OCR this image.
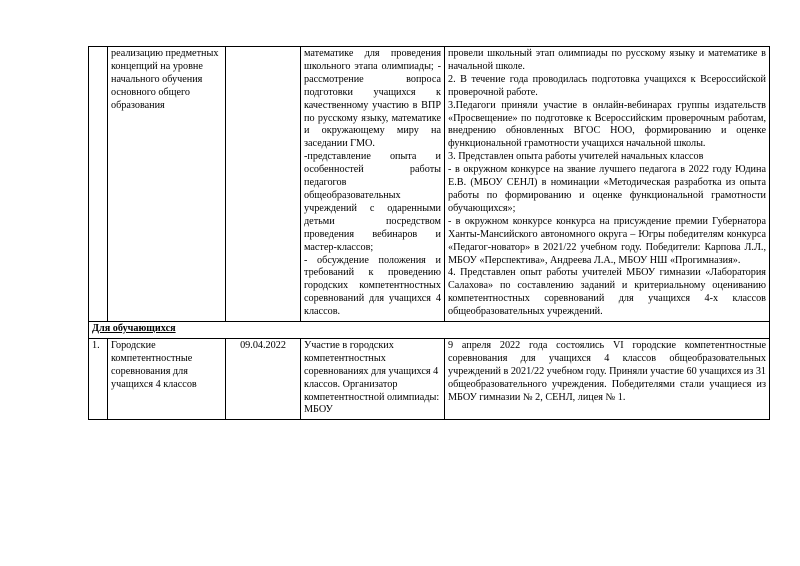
	реализацию предметных концепций на уровне начального обучения основного общего образования		математике для проведения школьного этапа олимпиады; - рассмотрение вопроса подготовки учащихся к качественному участию в ВПР по русскому языку, математике и окружающему миру на заседании ГМО.
-представление опыта и особенностей работы педагогов общеобразовательных учреждений с одаренными детьми посредством проведения вебинаров и мастер-классов;
- обсуждение положения и требований к проведению городских компетентностных соревнований для учащихся 4 классов.	провели школьный этап олимпиады по русскому языку и математике в начальной школе.
2. В течение года проводилась подготовка учащихся к Всероссийской проверочной работе.
3.Педагоги приняли участие в онлайн-вебинарах группы издательств «Просвещение» по подготовке к Всероссийским проверочным работам, внедрению обновленных ВГОС НОО, формированию и оценке функциональной грамотности учащихся начальной школы.
3. Представлен опыта работы учителей начальных классов
- в окружном конкурсе на звание лучшего педагога в 2022 году Юдина Е.В. (МБОУ СЕНЛ) в номинации «Методическая разработка из опыта работы по формированию и оценке функциональной грамотности обучающихся»;
- в окружном конкурсе конкурса на присуждение премии Губернатора Ханты-Мансийского автономного округа – Югры победителям конкурса «Педагог-новатор» в 2021/22 учебном году. Победители: Карпова Л.Л., МБОУ «Перспектива», Андреева Л.А., МБОУ НШ «Прогимназия».
4. Представлен опыт работы учителей МБОУ гимназии «Лаборатория Салахова» по составлению заданий и критериальному оцениванию компетентностных соревнований для учащихся 4-х классов общеобразовательных учреждений.
Для обучающихся				
1.	Городские компетентностные соревнования для учащихся 4 классов	09.04.2022	Участие в городских компетентностных соревнованиях для учащихся 4 классов. Организатор компетентностной олимпиады: МБОУ	9 апреля 2022 года состоялись VI городские компетентностные соревнования для учащихся 4 классов общеобразовательных учреждений в 2021/22 учебном году. Приняли участие 60 учащихся из 31 общеобразовательного учреждения. Победителями стали учащиеся из МБОУ гимназии № 2, СЕНЛ, лицея № 1.
